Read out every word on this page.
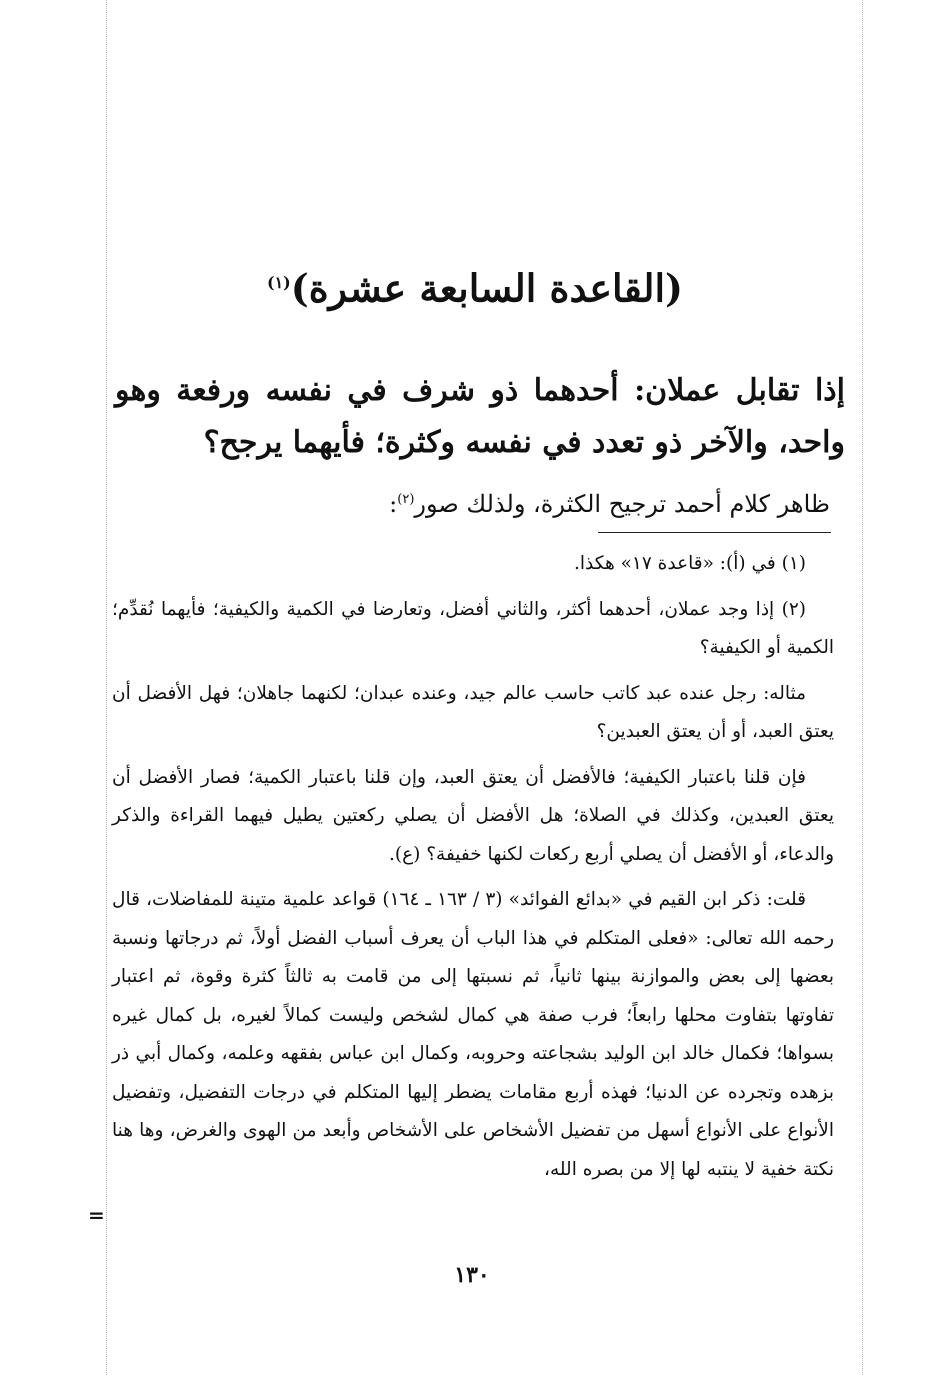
(القاعدة السابعة عشرة)$^{(١)}$
إذا تقابل عملان: أحدهما ذو شرف في نفسه ورفعة وهو واحد، والآخر ذو تعدد في نفسه وكثرة؛ فأيهما يرجح؟
ظاهر كلام أحمد ترجيح الكثرة، ولذلك صور$^{(٢)}$:

(١) في (أ): «قاعدة ١٧» هكذا.

(٢) إذا وجد عملان، أحدهما أكثر، والثاني أفضل، وتعارضا في الكمية والكيفية؛ فأيهما نُقدِّم؛ الكمية أو الكيفية؟

مثاله: رجل عنده عبد كاتب حاسب عالم جيد، وعنده عبدان؛ لكنهما جاهلان؛ فهل الأفضل أن يعتق العبد، أو أن يعتق العبدين؟

فإن قلنا باعتبار الكيفية؛ فالأفضل أن يعتق العبد، وإن قلنا باعتبار الكمية؛ فصار الأفضل أن يعتق العبدين، وكذلك في الصلاة؛ هل الأفضل أن يصلي ركعتين يطيل فيهما القراءة والذكر والدعاء، أو الأفضل أن يصلي أربع ركعات لكنها خفيفة؟ (ع).

قلت: ذكر ابن القيم في «بدائع الفوائد» (٣ / ١٦٣ ـ ١٦٤) قواعد علمية متينة للمفاضلات، قال رحمه الله تعالى: «فعلى المتكلم في هذا الباب أن يعرف أسباب الفضل أولاً، ثم درجاتها ونسبة بعضها إلى بعض والموازنة بينها ثانياً، ثم نسبتها إلى من قامت به ثالثاً كثرة وقوة، ثم اعتبار تفاوتها بتفاوت محلها رابعاً؛ فرب صفة هي كمال لشخص وليست كمالاً لغيره، بل كمال غيره بسواها؛ فكمال خالد ابن الوليد بشجاعته وحروبه، وكمال ابن عباس بفقهه وعلمه، وكمال أبي ذر بزهده وتجرده عن الدنيا؛ فهذه أربع مقامات يضطر إليها المتكلم في درجات التفضيل، وتفضيل الأنواع على الأنواع أسهل من تفضيل الأشخاص على الأشخاص وأبعد من الهوى والغرض، وها هنا نكتة خفية لا ينتبه لها إلا من بصره الله،

=
١٣٠
